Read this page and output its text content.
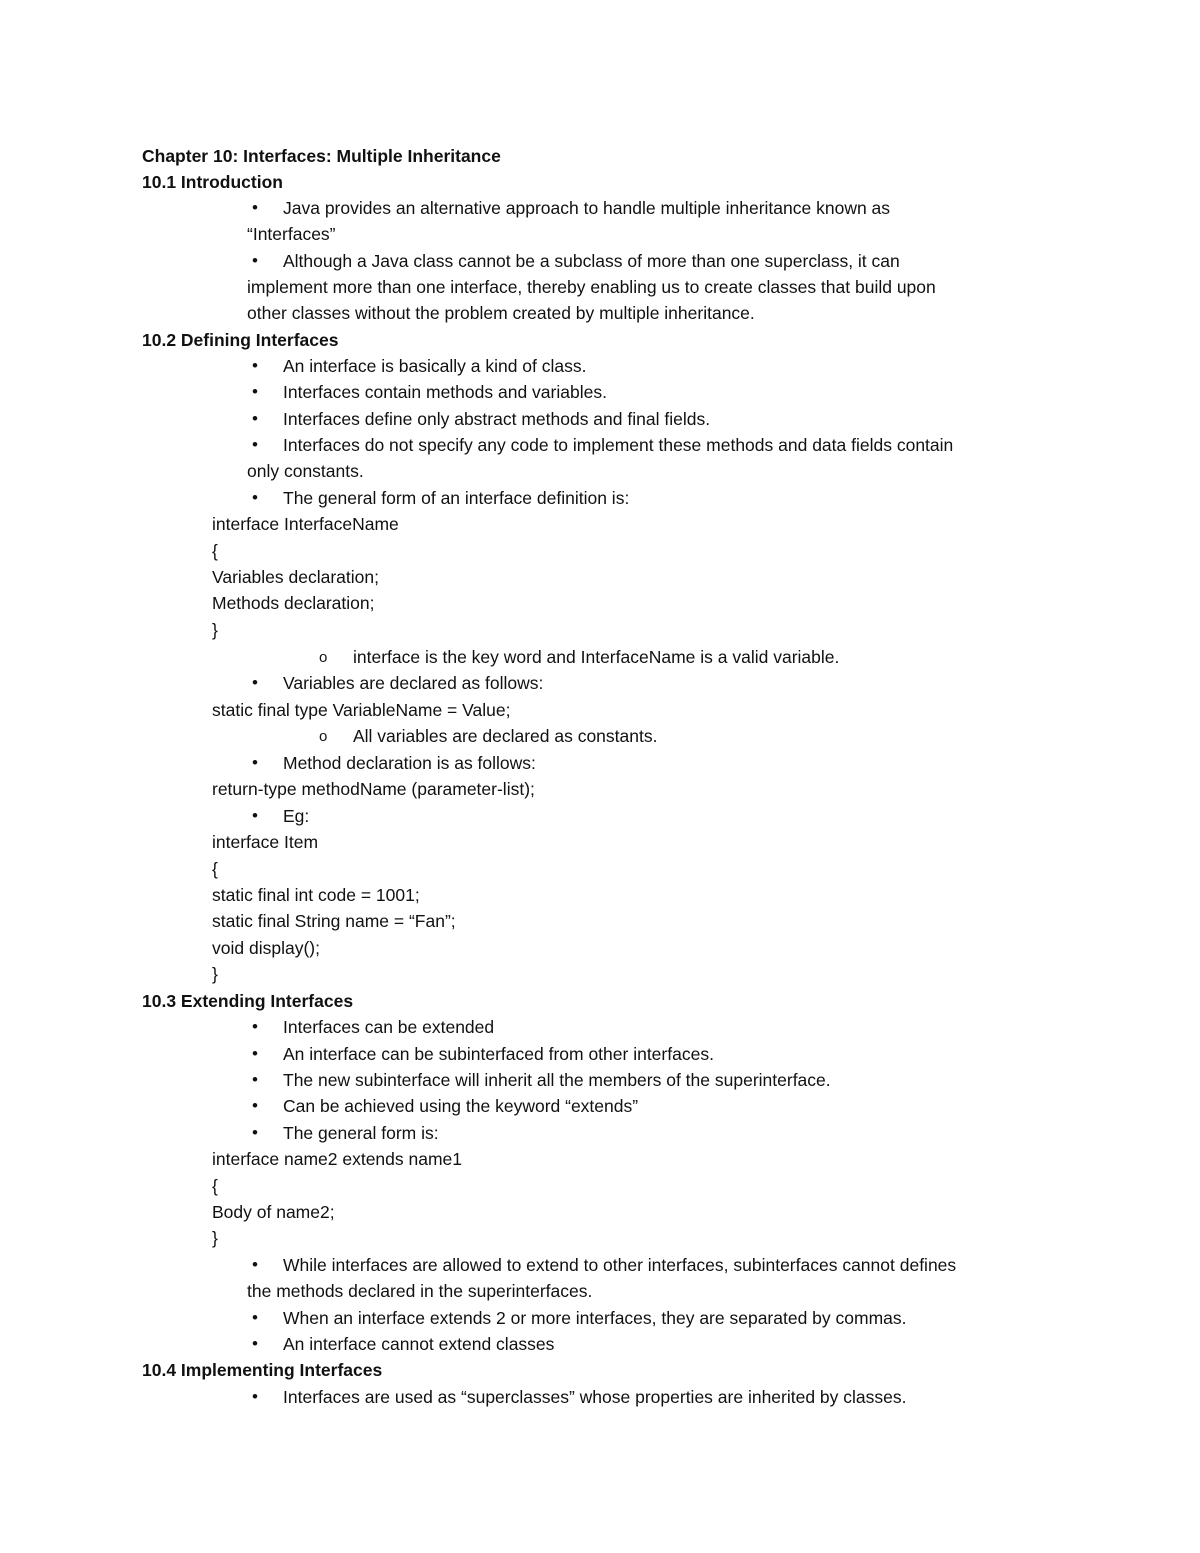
Chapter 10: Interfaces: Multiple Inheritance
10.1 Introduction
• Java provides an alternative approach to handle multiple inheritance known as
“Interfaces”
• Although a Java class cannot be a subclass of more than one superclass, it can
implement more than one interface, thereby enabling us to create classes that build upon
other classes without the problem created by multiple inheritance.
10.2 Defining Interfaces
• An interface is basically a kind of class.
• Interfaces contain methods and variables.
• Interfaces define only abstract methods and final fields.
• Interfaces do not specify any code to implement these methods and data fields contain
only constants.
• The general form of an interface definition is:
interface InterfaceName
{
Variables declaration;
Methods declaration;
}
o interface is the key word and InterfaceName is a valid variable.
• Variables are declared as follows:
static final type VariableName = Value;
o All variables are declared as constants.
• Method declaration is as follows:
return-type methodName (parameter-list);
• Eg:
interface Item
{
static final int code = 1001;
static final String name = “Fan”;
void display();
}
10.3 Extending Interfaces
• Interfaces can be extended
• An interface can be subinterfaced from other interfaces.
• The new subinterface will inherit all the members of the superinterface.
• Can be achieved using the keyword “extends”
• The general form is:
interface name2 extends name1
{
Body of name2;
}
• While interfaces are allowed to extend to other interfaces, subinterfaces cannot defines
the methods declared in the superinterfaces.
• When an interface extends 2 or more interfaces, they are separated by commas.
• An interface cannot extend classes
10.4 Implementing Interfaces
• Interfaces are used as “superclasses” whose properties are inherited by classes.
